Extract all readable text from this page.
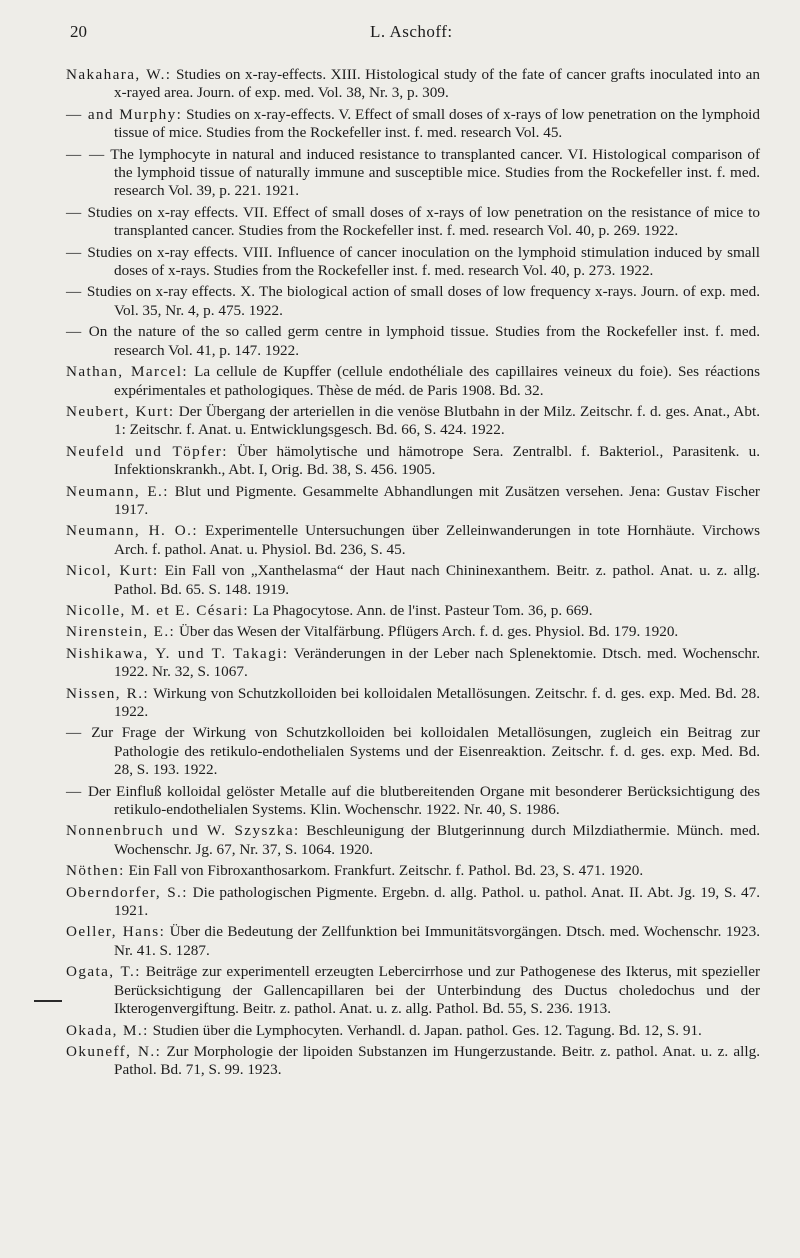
20	L. Aschoff:

Nakahara, W.: Studies on x-ray-effects. XIII. Histological study of the fate of cancer grafts inoculated into an x-rayed area. Journ. of exp. med. Vol. 38, Nr. 3, p. 309.

— and Murphy: Studies on x-ray-effects. V. Effect of small doses of x-rays of low penetration on the lymphoid tissue of mice. Studies from the Rockefeller inst. f. med. research Vol. 45.

— — The lymphocyte in natural and induced resistance to transplanted cancer. VI. Histological comparison of the lymphoid tissue of naturally immune and susceptible mice. Studies from the Rockefeller inst. f. med. research Vol. 39, p. 221. 1921.

— Studies on x-ray effects. VII. Effect of small doses of x-rays of low penetration on the resistance of mice to transplanted cancer. Studies from the Rockefeller inst. f. med. research Vol. 40, p. 269. 1922.

— Studies on x-ray effects. VIII. Influence of cancer inoculation on the lymphoid stimulation induced by small doses of x-rays. Studies from the Rockefeller inst. f. med. research Vol. 40, p. 273. 1922.

— Studies on x-ray effects. X. The biological action of small doses of low frequency x-rays. Journ. of exp. med. Vol. 35, Nr. 4, p. 475. 1922.

— On the nature of the so called germ centre in lymphoid tissue. Studies from the Rockefeller inst. f. med. research Vol. 41, p. 147. 1922.

Nathan, Marcel: La cellule de Kupffer (cellule endothéliale des capillaires veineux du foie). Ses réactions expérimentales et pathologiques. Thèse de méd. de Paris 1908. Bd. 32.

Neubert, Kurt: Der Übergang der arteriellen in die venöse Blutbahn in der Milz. Zeitschr. f. d. ges. Anat., Abt. 1: Zeitschr. f. Anat. u. Entwicklungsgesch. Bd. 66, S. 424. 1922.

Neufeld und Töpfer: Über hämolytische und hämotrope Sera. Zentralbl. f. Bakteriol., Parasitenk. u. Infektionskrankh., Abt. I, Orig. Bd. 38, S. 456. 1905.

Neumann, E.: Blut und Pigmente. Gesammelte Abhandlungen mit Zusätzen versehen. Jena: Gustav Fischer 1917.

Neumann, H. O.: Experimentelle Untersuchungen über Zelleinwanderungen in tote Hornhäute. Virchows Arch. f. pathol. Anat. u. Physiol. Bd. 236, S. 45.

Nicol, Kurt: Ein Fall von „Xanthelasma“ der Haut nach Chininexanthem. Beitr. z. pathol. Anat. u. z. allg. Pathol. Bd. 65. S. 148. 1919.

Nicolle, M. et E. Césari: La Phagocytose. Ann. de l'inst. Pasteur Tom. 36, p. 669.

Nirenstein, E.: Über das Wesen der Vitalfärbung. Pflügers Arch. f. d. ges. Physiol. Bd. 179. 1920.

Nishikawa, Y. und T. Takagi: Veränderungen in der Leber nach Splenektomie. Dtsch. med. Wochenschr. 1922. Nr. 32, S. 1067.

Nissen, R.: Wirkung von Schutzkolloiden bei kolloidalen Metallösungen. Zeitschr. f. d. ges. exp. Med. Bd. 28. 1922.

— Zur Frage der Wirkung von Schutzkolloiden bei kolloidalen Metallösungen, zugleich ein Beitrag zur Pathologie des retikulo-endothelialen Systems und der Eisenreaktion. Zeitschr. f. d. ges. exp. Med. Bd. 28, S. 193. 1922.

— Der Einfluß kolloidal gelöster Metalle auf die blutbereitenden Organe mit besonderer Berücksichtigung des retikulo-endothelialen Systems. Klin. Wochenschr. 1922. Nr. 40, S. 1986.

Nonnenbruch und W. Szyszka: Beschleunigung der Blutgerinnung durch Milzdiathermie. Münch. med. Wochenschr. Jg. 67, Nr. 37, S. 1064. 1920.

Nöthen: Ein Fall von Fibroxanthosarkom. Frankfurt. Zeitschr. f. Pathol. Bd. 23, S. 471. 1920.

Oberndorfer, S.: Die pathologischen Pigmente. Ergebn. d. allg. Pathol. u. pathol. Anat. II. Abt. Jg. 19, S. 47. 1921.

Oeller, Hans: Über die Bedeutung der Zellfunktion bei Immunitätsvorgängen. Dtsch. med. Wochenschr. 1923. Nr. 41. S. 1287.

Ogata, T.: Beiträge zur experimentell erzeugten Lebercirrhose und zur Pathogenese des Ikterus, mit spezieller Berücksichtigung der Gallencapillaren bei der Unterbindung des Ductus choledochus und der Ikterogenvergiftung. Beitr. z. pathol. Anat. u. z. allg. Pathol. Bd. 55, S. 236. 1913.

Okada, M.: Studien über die Lymphocyten. Verhandl. d. Japan. pathol. Ges. 12. Tagung. Bd. 12, S. 91.

Okuneff, N.: Zur Morphologie der lipoiden Substanzen im Hungerzustande. Beitr. z. pathol. Anat. u. z. allg. Pathol. Bd. 71, S. 99. 1923.
